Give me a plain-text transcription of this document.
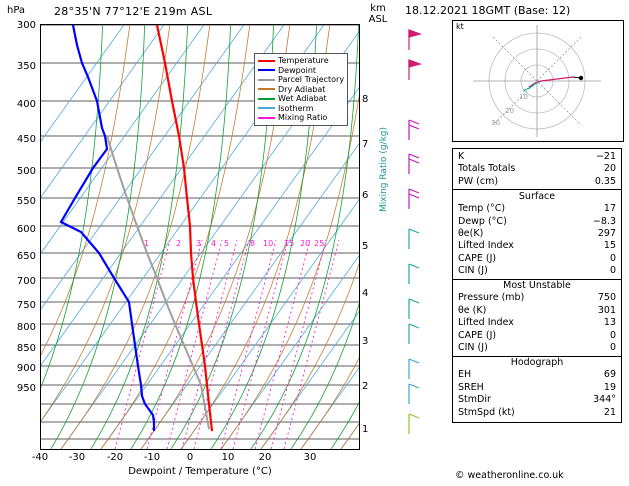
hPa	28°35'N 77°12'E 219m ASL	km
ASL
300
350
400
450
500
550
600
650
700
750
800
850
900
950
8
7
6
5
4
3
2
1
Mixing Ratio (g/kg)
Temperature
Dewpoint
Parcel Trajectory
Dry Adiabat
Wet Adiabat
Isotherm
Mixing Ratio
1	2 3 4 5	8 10 15 20 25
-40	-30	-20	-10	0	10	20	30
Dewpoint / Temperature (°C)
18.12.2021 18GMT (Base: 12)
kt
10
20
30
K	−21
Totals Totals	20
PW (cm)	0.35
Surface
Temp (°C)	17
Dewp (°C)	−8.3
θe(K)	297
Lifted Index	15
CAPE (J)	0
CIN (J)	0
Most Unstable
Pressure (mb)	750
θe (K)	301
Lifted Index	13
CAPE (J)	0
CIN (J)	0
Hodograph
EH	69
SREH	19
StmDir	344°
StmSpd (kt)	21
© weatheronline.co.uk
